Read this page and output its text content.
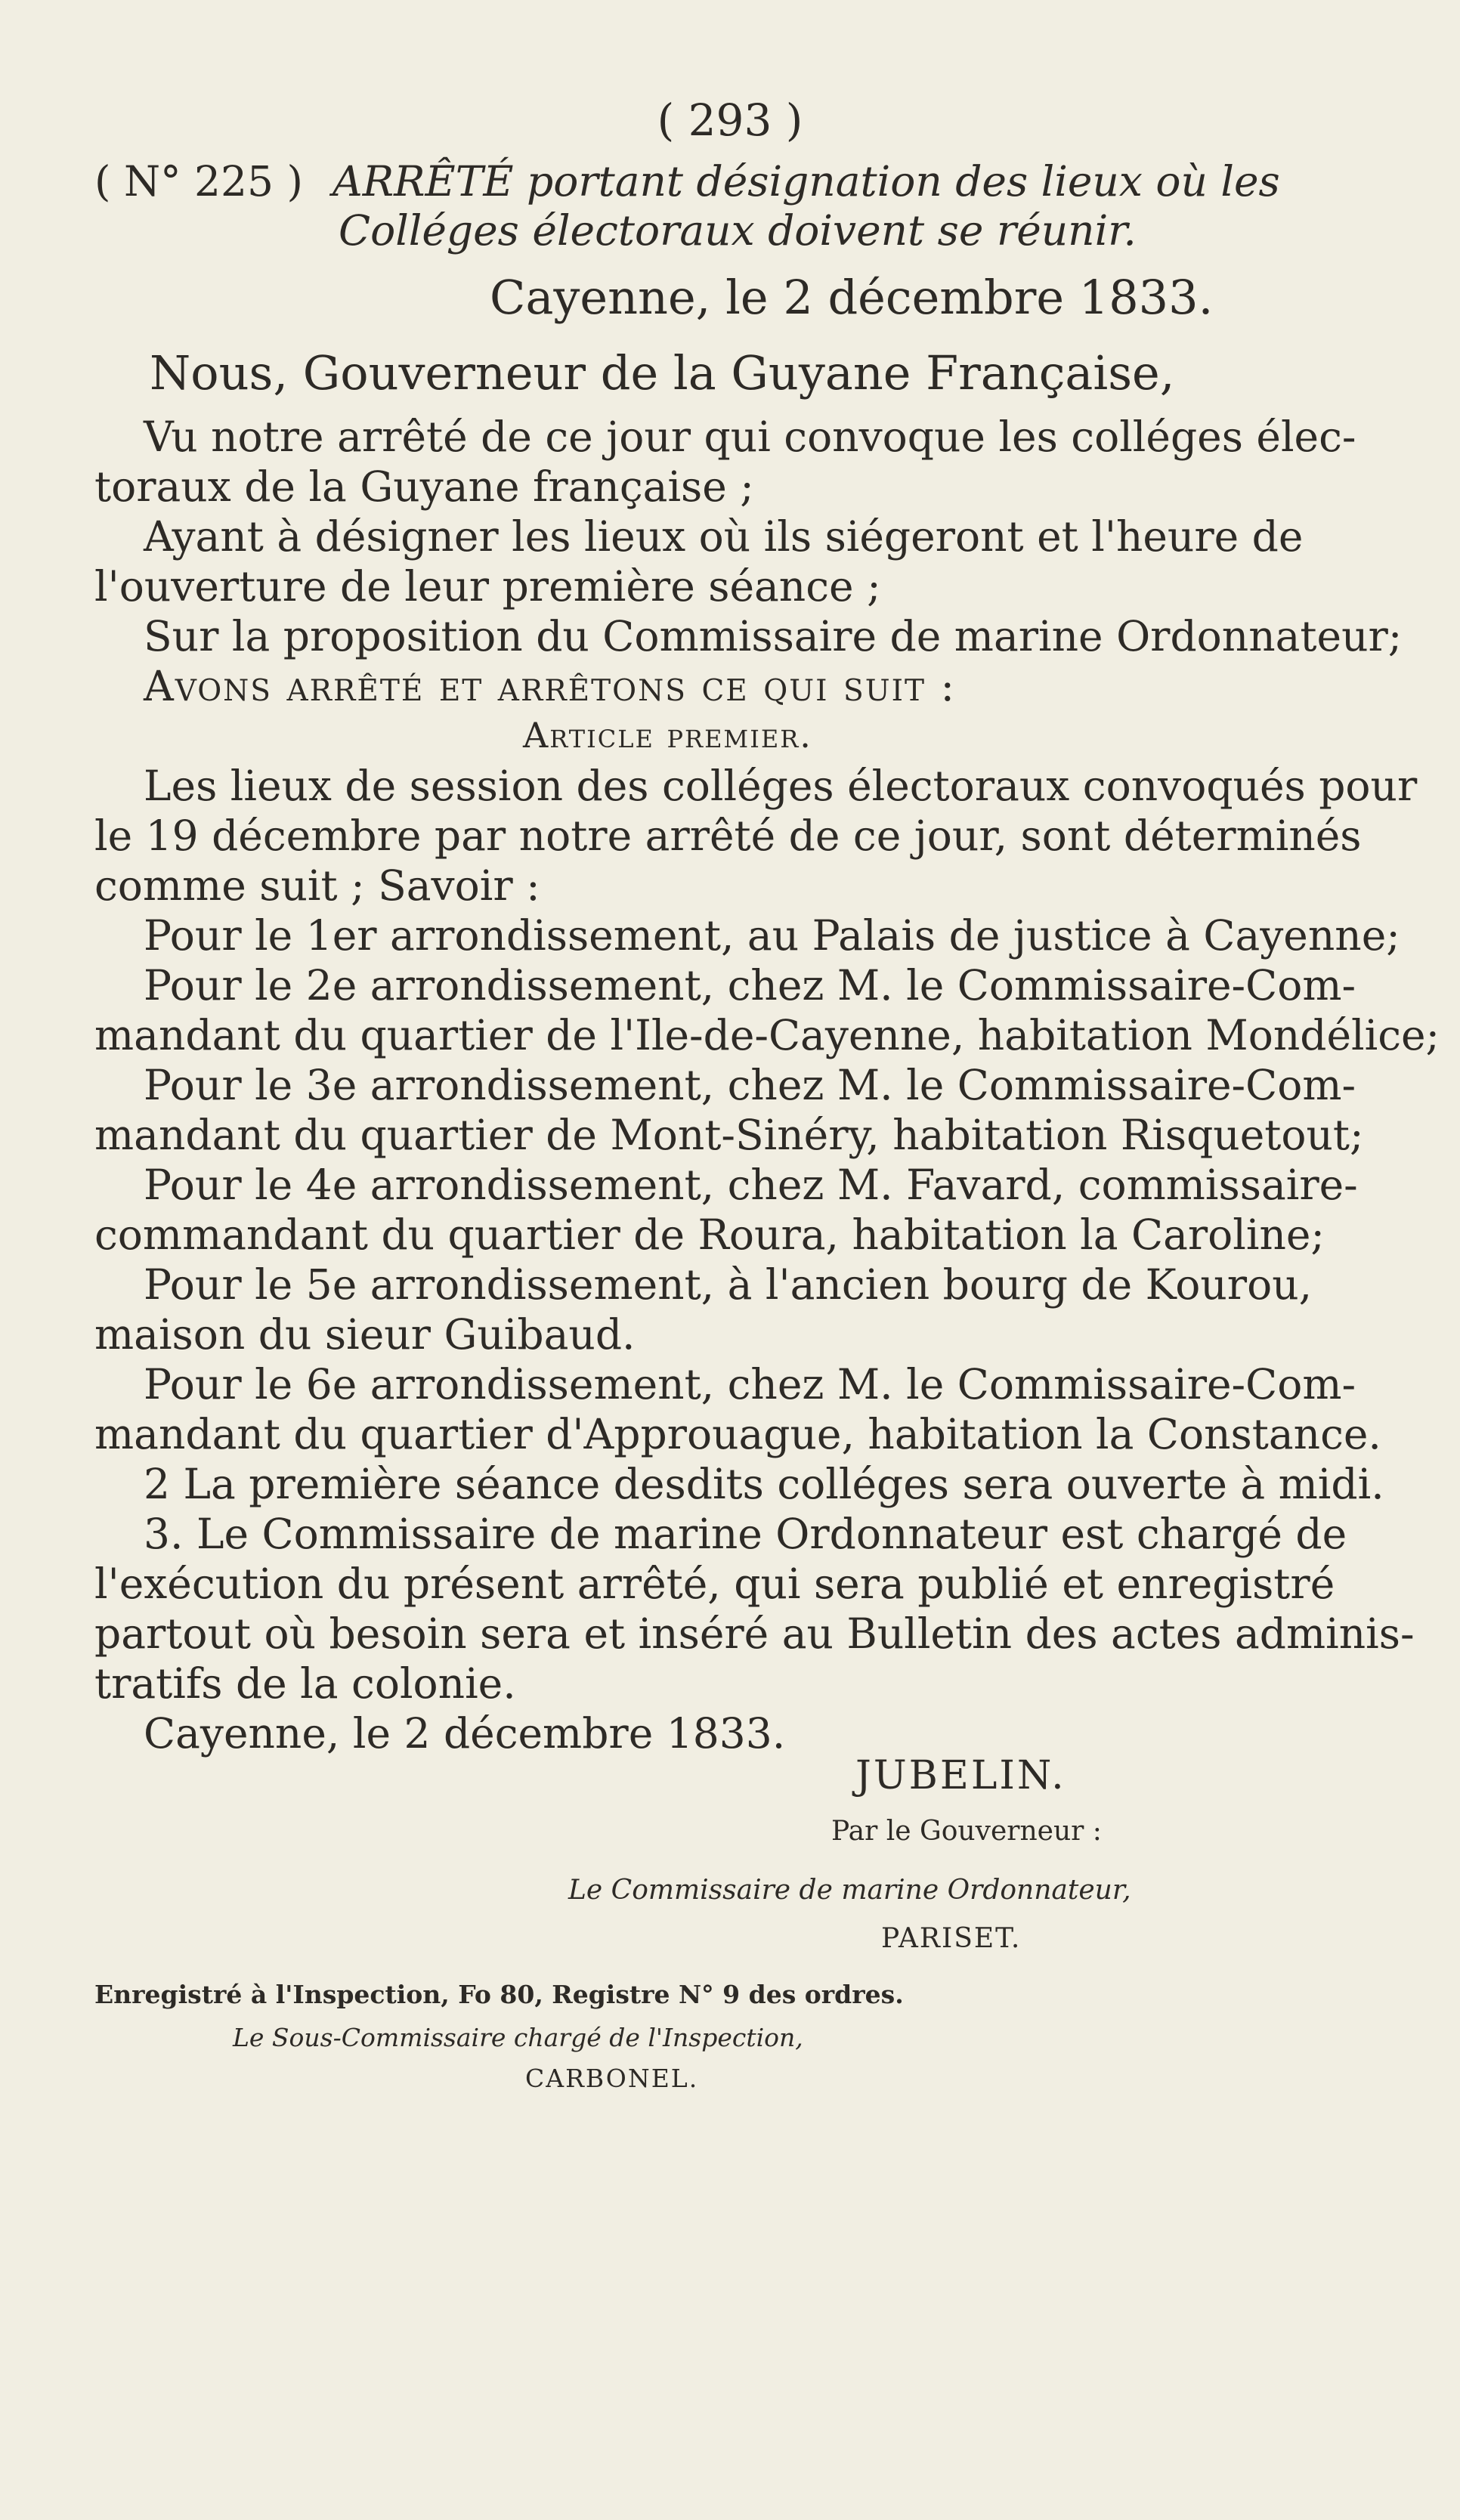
( 293 )
( N° 225 ) ARRÊTÉ portant désignation des lieux où les
Colléges électoraux doivent se réunir.
Cayenne, le 2 décembre 1833.
Nous, Gouverneur de la Guyane Française,
Vu notre arrêté de ce jour qui convoque les colléges élec-
toraux de la Guyane française ;
Ayant à désigner les lieux où ils siégeront et l'heure de
l'ouverture de leur première séance ;
Sur la proposition du Commissaire de marine Ordonnateur;
Avons arrêté et arrêtons ce qui suit :
Article premier.
Les lieux de session des colléges électoraux convoqués pour
le 19 décembre par notre arrêté de ce jour, sont déterminés
comme suit ; Savoir :
Pour le 1er arrondissement, au Palais de justice à Cayenne;
Pour le 2e arrondissement, chez M. le Commissaire-Com-
mandant du quartier de l'Ile-de-Cayenne, habitation Mondélice;
Pour le 3e arrondissement, chez M. le Commissaire-Com-
mandant du quartier de Mont-Sinéry, habitation Risquetout;
Pour le 4e arrondissement, chez M. Favard, commissaire-
commandant du quartier de Roura, habitation la Caroline;
Pour le 5e arrondissement, à l'ancien bourg de Kourou,
maison du sieur Guibaud.
Pour le 6e arrondissement, chez M. le Commissaire-Com-
mandant du quartier d'Approuague, habitation la Constance.
2 La première séance desdits colléges sera ouverte à midi.
3. Le Commissaire de marine Ordonnateur est chargé de
l'exécution du présent arrêté, qui sera publié et enregistré
partout où besoin sera et inséré au Bulletin des actes adminis-
tratifs de la colonie.
Cayenne, le 2 décembre 1833.
JUBELIN.
Par le Gouverneur :
Le Commissaire de marine Ordonnateur,
PARISET.
Enregistré à l'Inspection, Fo 80, Registre N° 9 des ordres.
Le Sous-Commissaire chargé de l'Inspection,
CARBONEL.
